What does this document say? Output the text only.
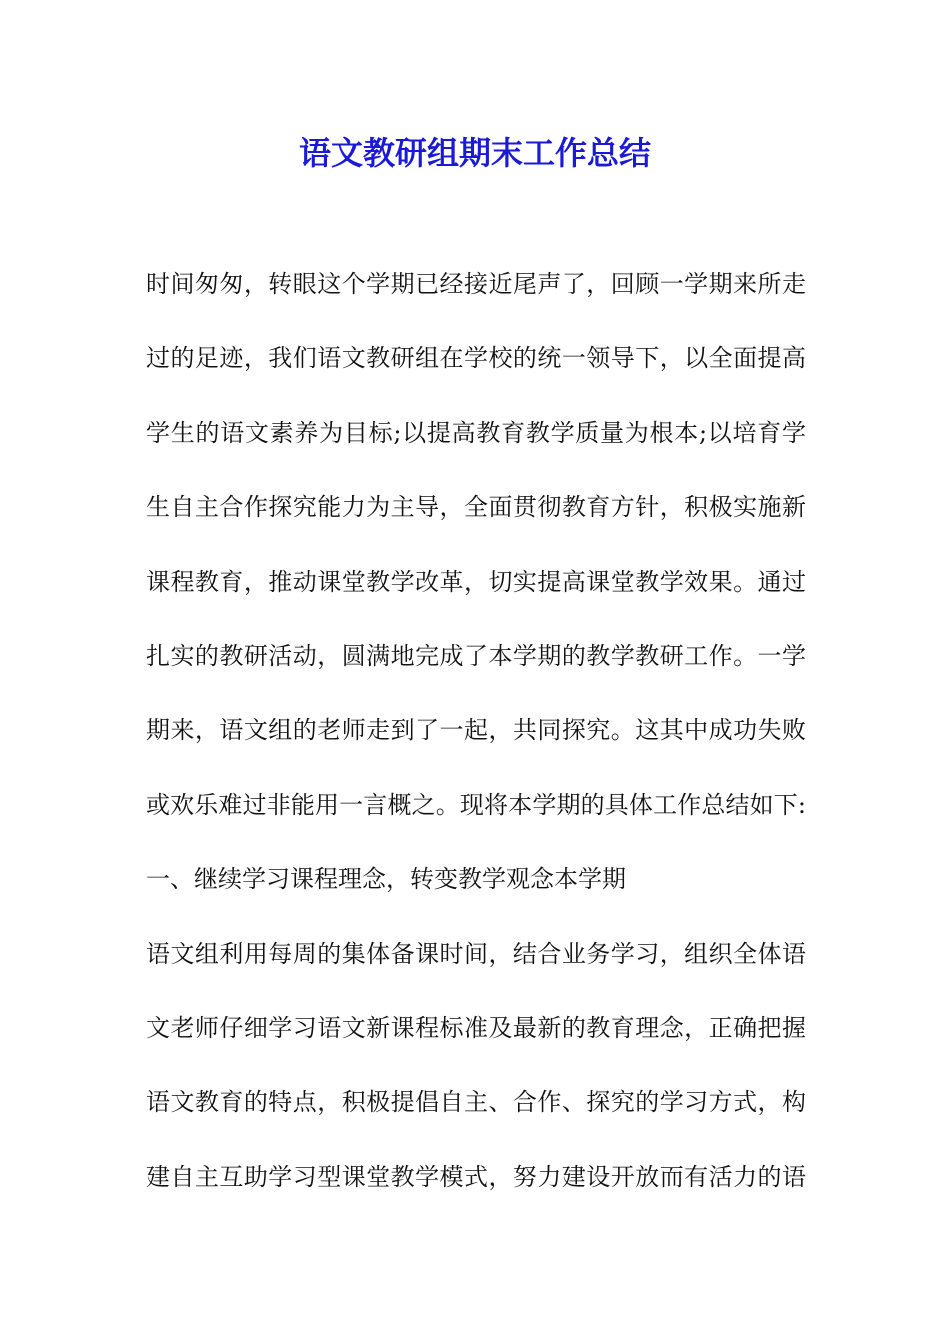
语文教研组期末工作总结
时间匆匆，转眼这个学期已经接近尾声了，回顾一学期来所走
过的足迹，我们语文教研组在学校的统一领导下，以全面提高
学生的语文素养为目标;以提高教育教学质量为根本;以培育学
生自主合作探究能力为主导，全面贯彻教育方针，积极实施新
课程教育，推动课堂教学改革，切实提高课堂教学效果。通过
扎实的教研活动，圆满地完成了本学期的教学教研工作。一学
期来，语文组的老师走到了一起，共同探究。这其中成功失败
或欢乐难过非能用一言概之。现将本学期的具体工作总结如下:
一、继续学习课程理念，转变教学观念本学期
语文组利用每周的集体备课时间，结合业务学习，组织全体语
文老师仔细学习语文新课程标准及最新的教育理念，正确把握
语文教育的特点，积极提倡自主、合作、探究的学习方式，构
建自主互助学习型课堂教学模式，努力建设开放而有活力的语
